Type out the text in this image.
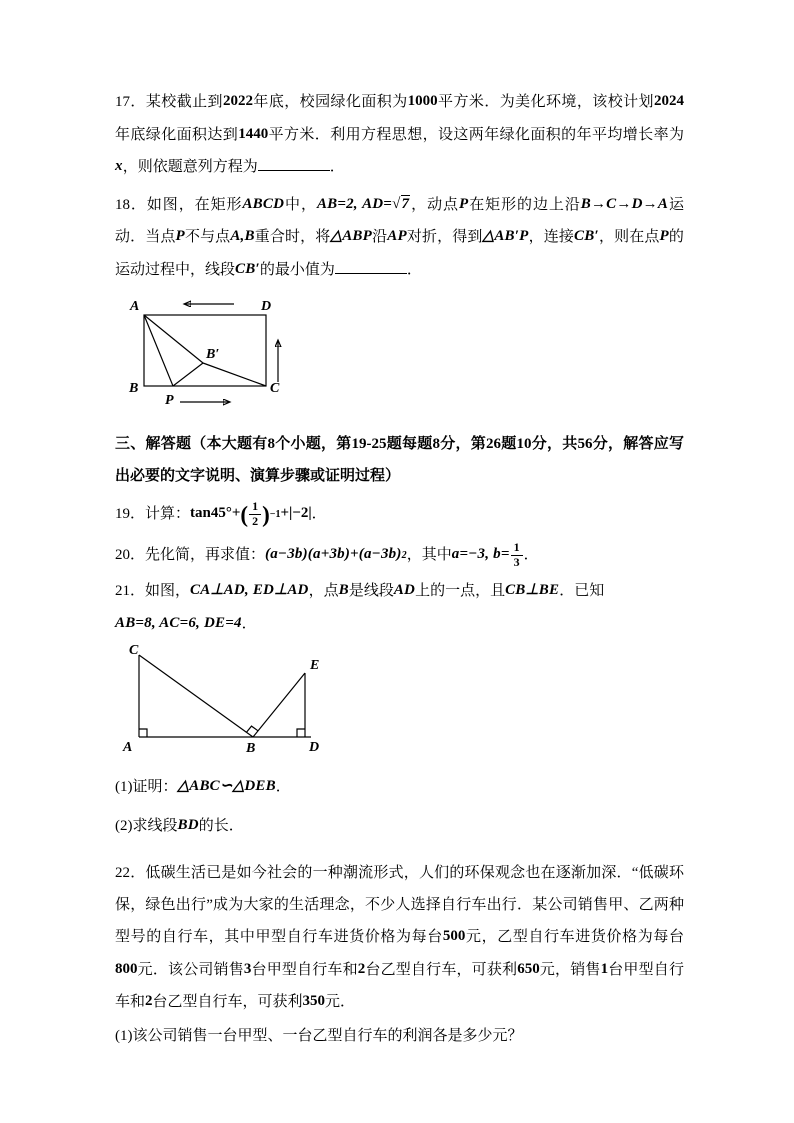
17．某校截止到2022年底，校园绿化面积为1000平方米．为美化环境，该校计划2024年底绿化面积达到1440平方米．利用方程思想，设这两年绿化面积的年平均增长率为x，则依题意列方程为	．
18．如图，在矩形ABCD中，AB=2, AD=√7，动点P在矩形的边上沿B→C→D→A运动．当点P不与点A,B重合时，将△ABP沿AP对折，得到△AB′P，连接CB′，则在点P的运动过程中，线段CB′的最小值为	．
A	D
B	C
B′
P
三、解答题（本大题有8个小题，第19-25题每题8分，第26题10分，共56分，解答应写出必要的文字说明、演算步骤或证明过程）
19．计算：$\tan 45^\circ+( \frac{1}{2} )^{-1}+|-2|$．
20．先化简，再求值：$(a-3b)(a+3b)+(a-3b)^2$，其中a=−3, $b= \frac{1}{3}$ ．
21．如图，CA⊥AD, ED⊥AD，点B是线段AD上的一点，且CB⊥BE．已知
AB=8, AC=6, DE=4．
C
A	B	D
E
(1)证明：△ABC∽△DEB．
(2)求线段BD的长．
22．低碳生活已是如今社会的一种潮流形式，人们的环保观念也在逐渐加深．“低碳环保，绿色出行”成为大家的生活理念，不少人选择自行车出行．某公司销售甲、乙两种型号的自行车，其中甲型自行车进货价格为每台500元，乙型自行车进货价格为每台800元．该公司销售3台甲型自行车和2台乙型自行车，可获利650元，销售1台甲型自行车和2台乙型自行车，可获利350元．
(1)该公司销售一台甲型、一台乙型自行车的利润各是多少元？
